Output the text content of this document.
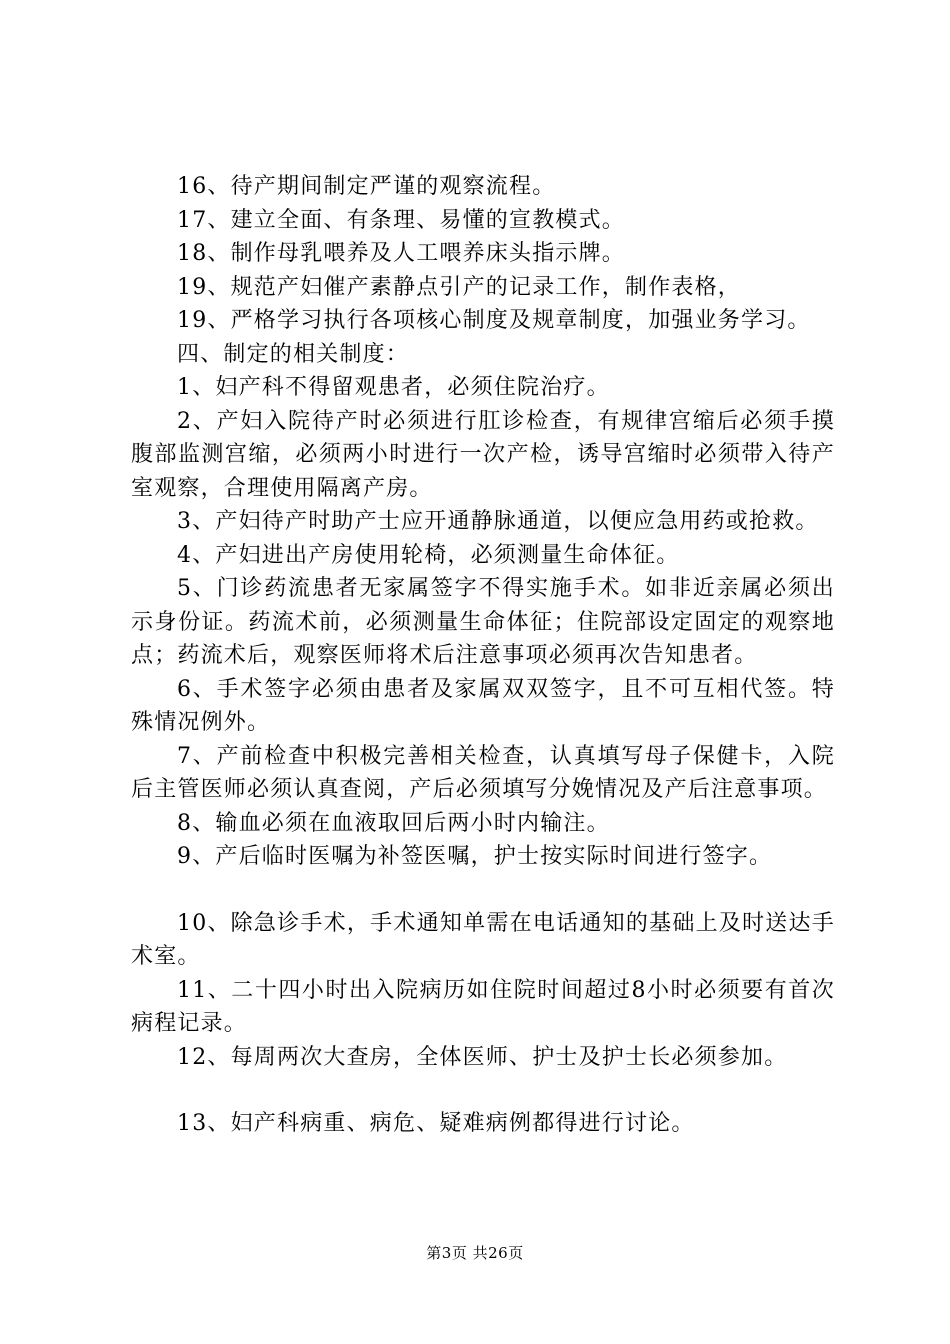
16、待产期间制定严谨的观察流程。

17、建立全面、有条理、易懂的宣教模式。

18、制作母乳喂养及人工喂养床头指示牌。

19、规范产妇催产素静点引产的记录工作，制作表格，

19、严格学习执行各项核心制度及规章制度，加强业务学习。

四、制定的相关制度：

1、妇产科不得留观患者，必须住院治疗。

2、产妇入院待产时必须进行肛诊检查，有规律宫缩后必须手摸腹部监测宫缩，必须两小时进行一次产检，诱导宫缩时必须带入待产室观察，合理使用隔离产房。

3、产妇待产时助产士应开通静脉通道，以便应急用药或抢救。

4、产妇进出产房使用轮椅，必须测量生命体征。

5、门诊药流患者无家属签字不得实施手术。如非近亲属必须出示身份证。药流术前，必须测量生命体征；住院部设定固定的观察地点；药流术后，观察医师将术后注意事项必须再次告知患者。

6、手术签字必须由患者及家属双双签字，且不可互相代签。特殊情况例外。

7、产前检查中积极完善相关检查，认真填写母子保健卡，入院后主管医师必须认真查阅，产后必须填写分娩情况及产后注意事项。

8、输血必须在血液取回后两小时内输注。

9、产后临时医嘱为补签医嘱，护士按实际时间进行签字。

10、除急诊手术，手术通知单需在电话通知的基础上及时送达手术室。

11、二十四小时出入院病历如住院时间超过8小时必须要有首次病程记录。

12、每周两次大查房，全体医师、护士及护士长必须参加。

13、妇产科病重、病危、疑难病例都得进行讨论。

第3页 共26页
